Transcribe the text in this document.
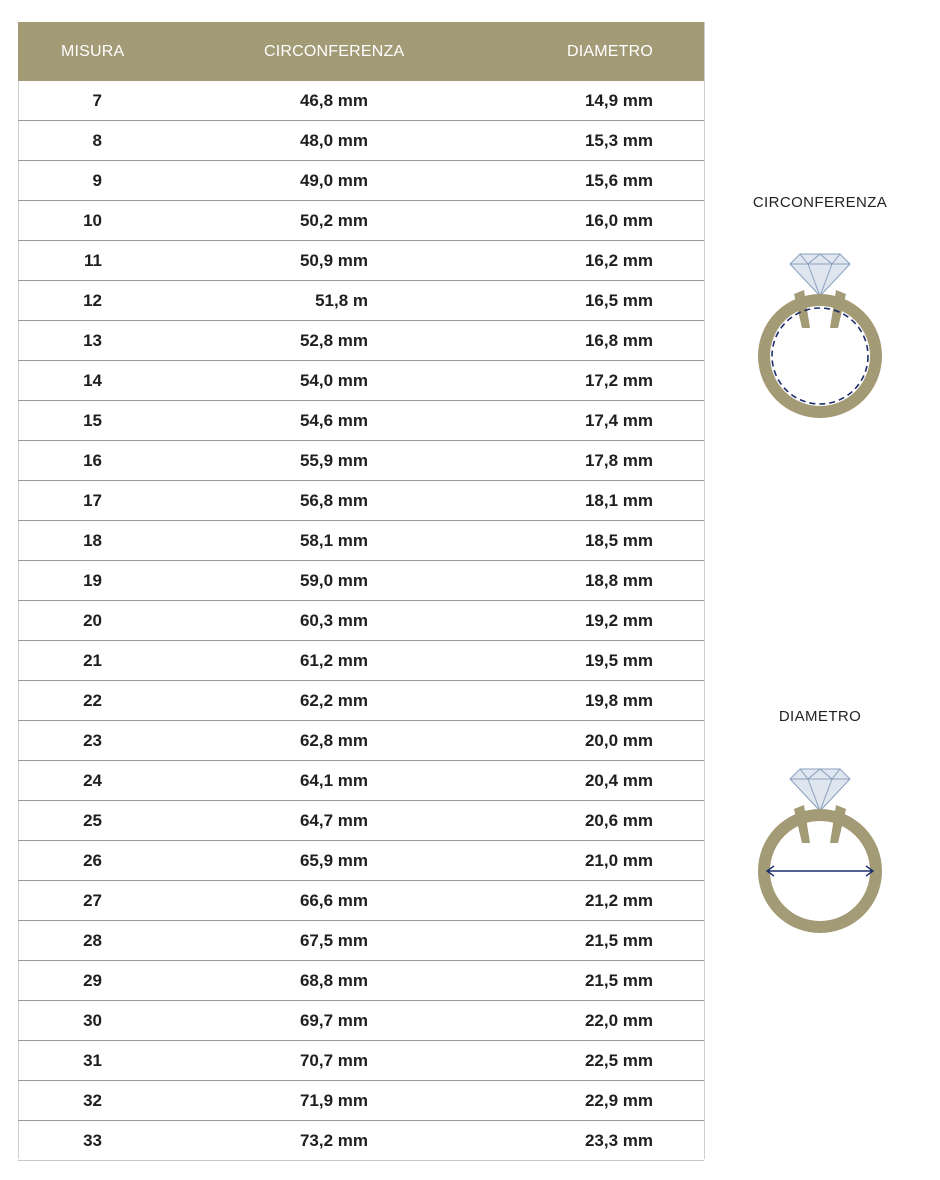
MISURA	CIRCONFERENZA	DIAMETRO
7	46,8 mm	14,9 mm
8	48,0 mm	15,3 mm
9	49,0 mm	15,6 mm
10	50,2 mm	16,0 mm
11	50,9 mm	16,2 mm
12	51,8 m	16,5 mm
13	52,8 mm	16,8 mm
14	54,0 mm	17,2 mm
15	54,6 mm	17,4 mm
16	55,9 mm	17,8 mm
17	56,8 mm	18,1 mm
18	58,1 mm	18,5 mm
19	59,0 mm	18,8 mm
20	60,3 mm	19,2 mm
21	61,2 mm	19,5 mm
22	62,2 mm	19,8 mm
23	62,8 mm	20,0 mm
24	64,1 mm	20,4 mm
25	64,7 mm	20,6 mm
26	65,9 mm	21,0 mm
27	66,6 mm	21,2 mm
28	67,5 mm	21,5 mm
29	68,8 mm	21,5 mm
30	69,7 mm	22,0 mm
31	70,7 mm	22,5 mm
32	71,9 mm	22,9 mm
33	73,2 mm	23,3 mm
CIRCONFERENZA
DIAMETRO
